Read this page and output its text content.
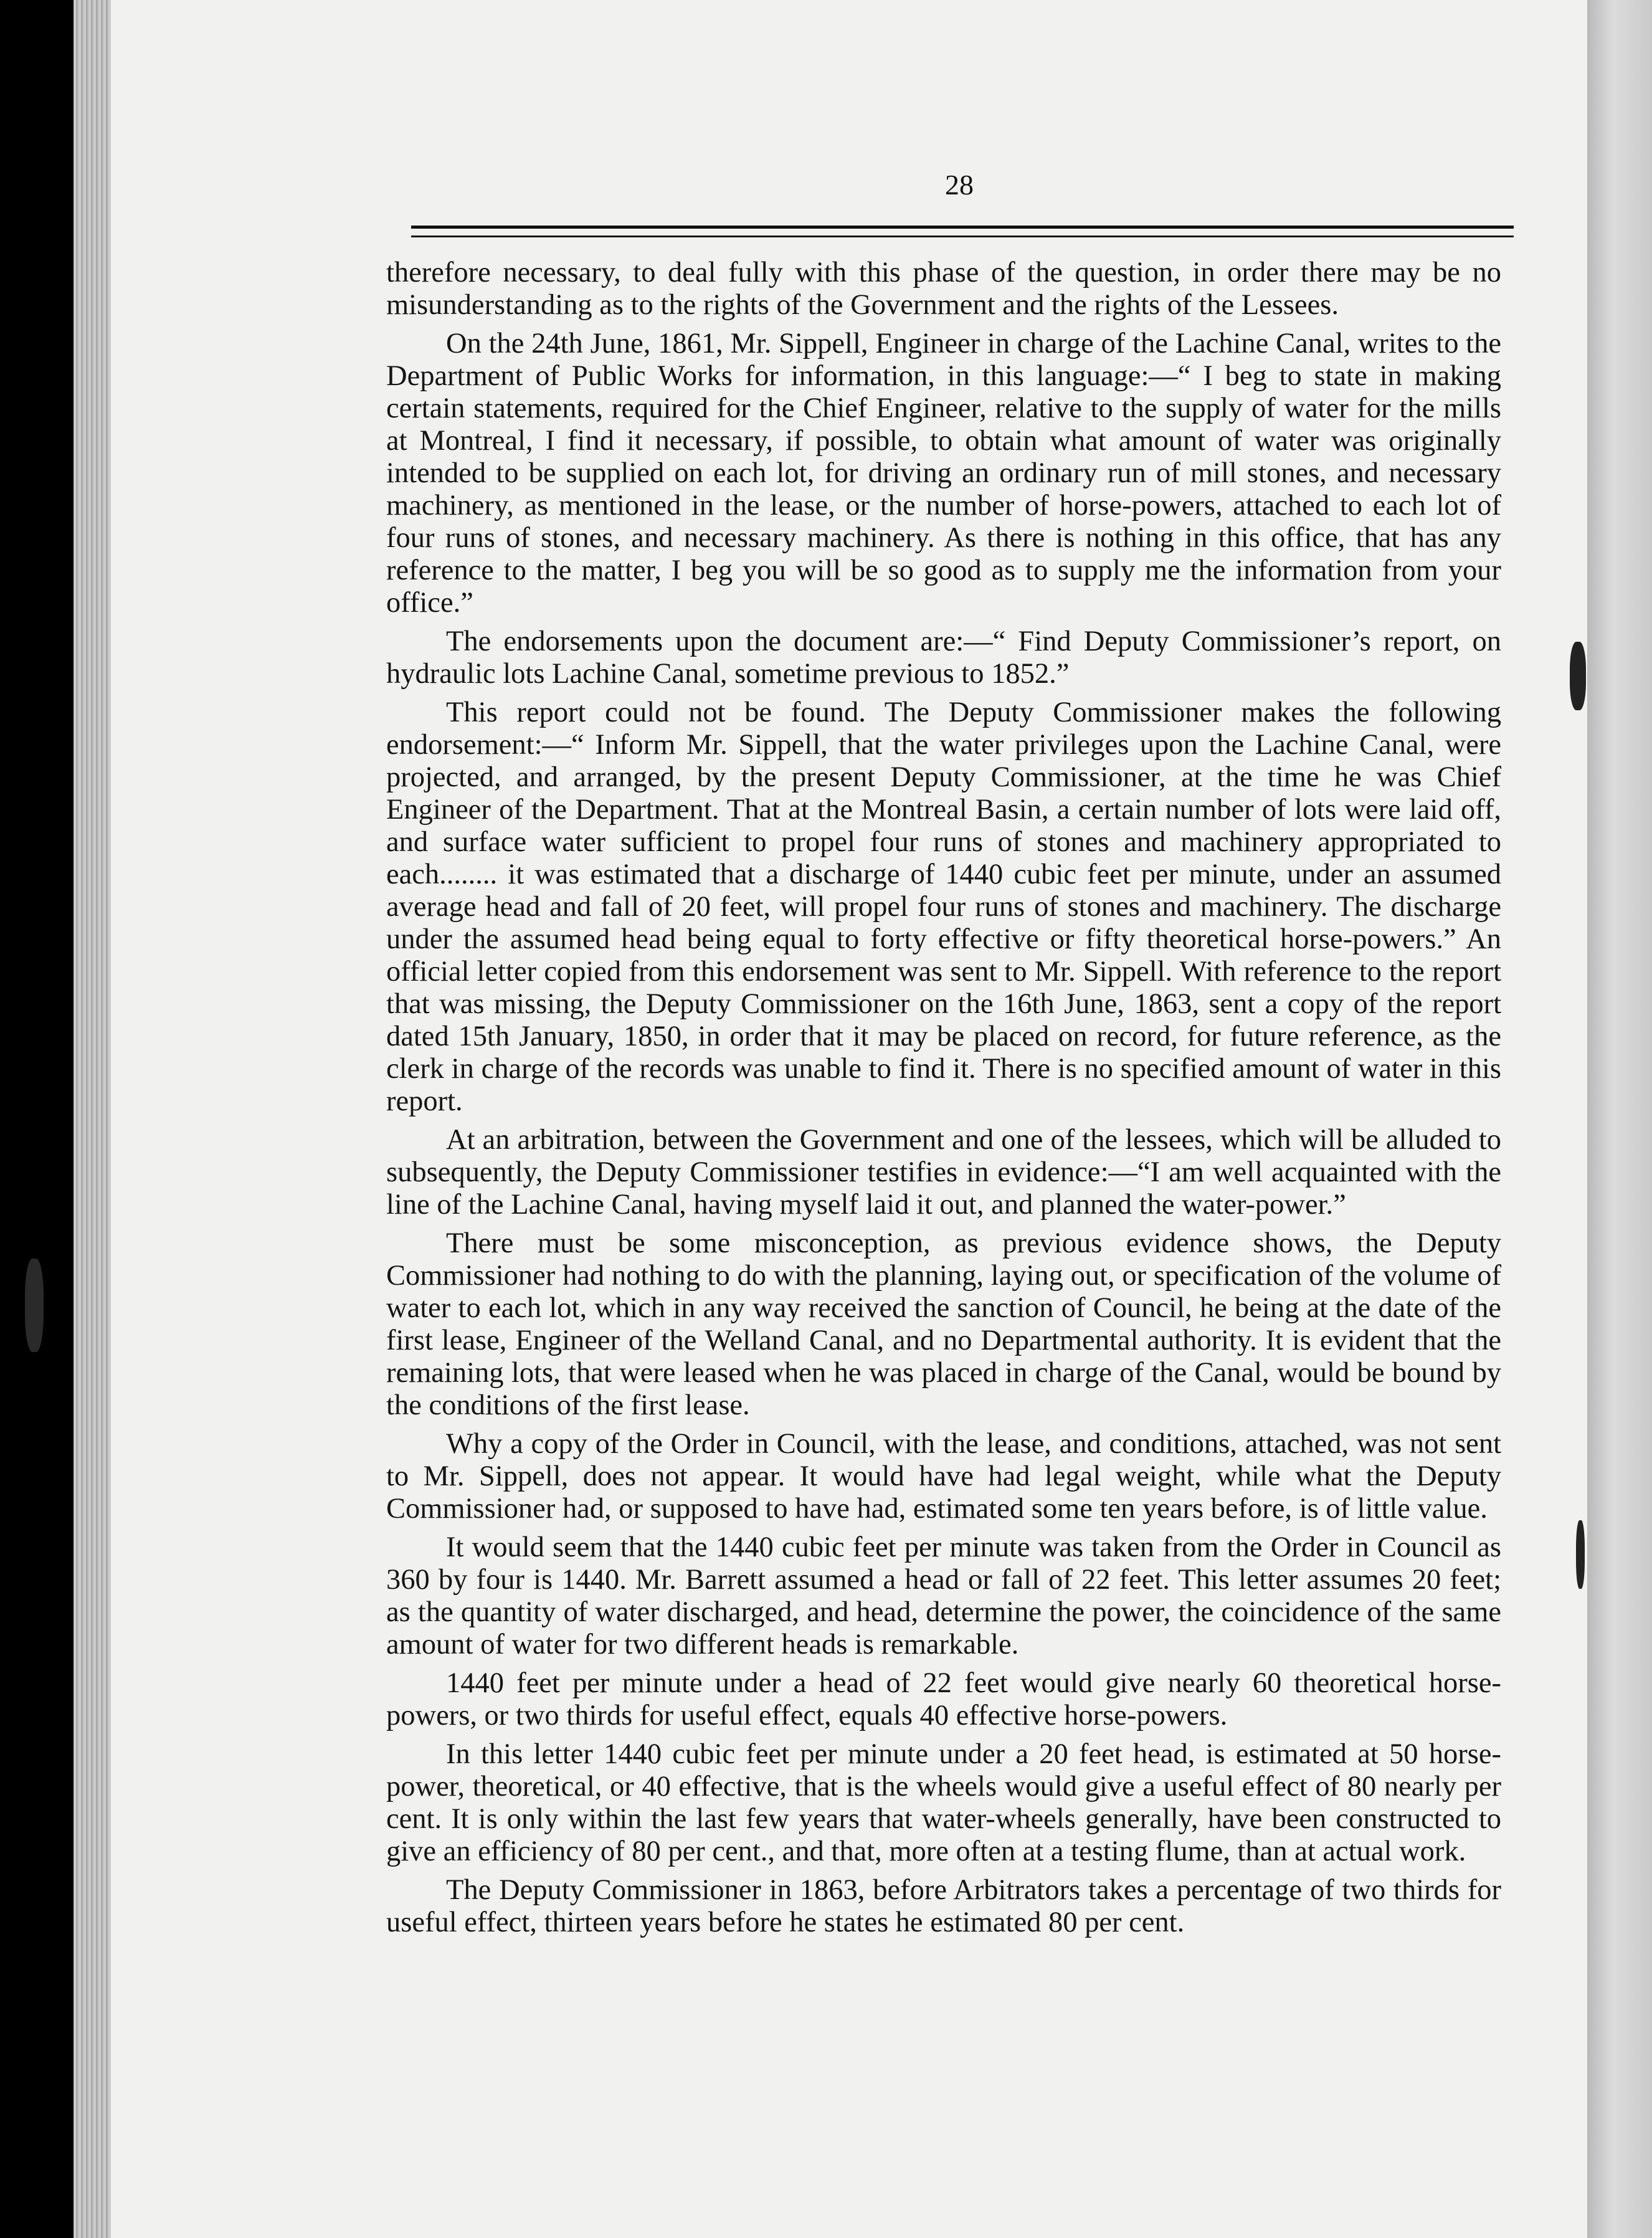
28

therefore necessary, to deal fully with this phase of the question, in order there may be no misunderstanding as to the rights of the Government and the rights of the Lessees.

On the 24th June, 1861, Mr. Sippell, Engineer in charge of the Lachine Canal, writes to the Department of Public Works for information, in this language:—“ I beg to state in making certain statements, required for the Chief Engineer, relative to the supply of water for the mills at Montreal, I find it necessary, if possible, to obtain what amount of water was originally intended to be supplied on each lot, for driving an ordinary run of mill stones, and necessary machinery, as mentioned in the lease, or the number of horse-powers, attached to each lot of four runs of stones, and necessary machinery. As there is nothing in this office, that has any reference to the matter, I beg you will be so good as to supply me the information from your office.”

The endorsements upon the document are:—“ Find Deputy Commissioner’s report, on hydraulic lots Lachine Canal, sometime previous to 1852.”

This report could not be found. The Deputy Commissioner makes the following endorsement:—“ Inform Mr. Sippell, that the water privileges upon the Lachine Canal, were projected, and arranged, by the present Deputy Commissioner, at the time he was Chief Engineer of the Department. That at the Montreal Basin, a certain number of lots were laid off, and surface water sufficient to propel four runs of stones and machinery appropriated to each........ it was estimated that a discharge of 1440 cubic feet per minute, under an assumed average head and fall of 20 feet, will propel four runs of stones and machinery. The discharge under the assumed head being equal to forty effective or fifty theoretical horse-powers.” An official letter copied from this endorsement was sent to Mr. Sippell. With reference to the report that was missing, the Deputy Commissioner on the 16th June, 1863, sent a copy of the report dated 15th January, 1850, in order that it may be placed on record, for future reference, as the clerk in charge of the records was unable to find it. There is no specified amount of water in this report.

At an arbitration, between the Government and one of the lessees, which will be alluded to subsequently, the Deputy Commissioner testifies in evidence:—“I am well acquainted with the line of the Lachine Canal, having myself laid it out, and planned the water-power.”

There must be some misconception, as previous evidence shows, the Deputy Commissioner had nothing to do with the planning, laying out, or specification of the volume of water to each lot, which in any way received the sanction of Council, he being at the date of the first lease, Engineer of the Welland Canal, and no Departmental authority. It is evident that the remaining lots, that were leased when he was placed in charge of the Canal, would be bound by the conditions of the first lease.

Why a copy of the Order in Council, with the lease, and conditions, attached, was not sent to Mr. Sippell, does not appear. It would have had legal weight, while what the Deputy Commissioner had, or supposed to have had, estimated some ten years before, is of little value.

It would seem that the 1440 cubic feet per minute was taken from the Order in Council as 360 by four is 1440. Mr. Barrett assumed a head or fall of 22 feet. This letter assumes 20 feet; as the quantity of water discharged, and head, determine the power, the coincidence of the same amount of water for two different heads is remarkable.

1440 feet per minute under a head of 22 feet would give nearly 60 theoretical horse-powers, or two thirds for useful effect, equals 40 effective horse-powers.

In this letter 1440 cubic feet per minute under a 20 feet head, is estimated at 50 horse-power, theoretical, or 40 effective, that is the wheels would give a useful effect of 80 nearly per cent. It is only within the last few years that water-wheels generally, have been constructed to give an efficiency of 80 per cent., and that, more often at a testing flume, than at actual work.

The Deputy Commissioner in 1863, before Arbitrators takes a percentage of two thirds for useful effect, thirteen years before he states he estimated 80 per cent.
